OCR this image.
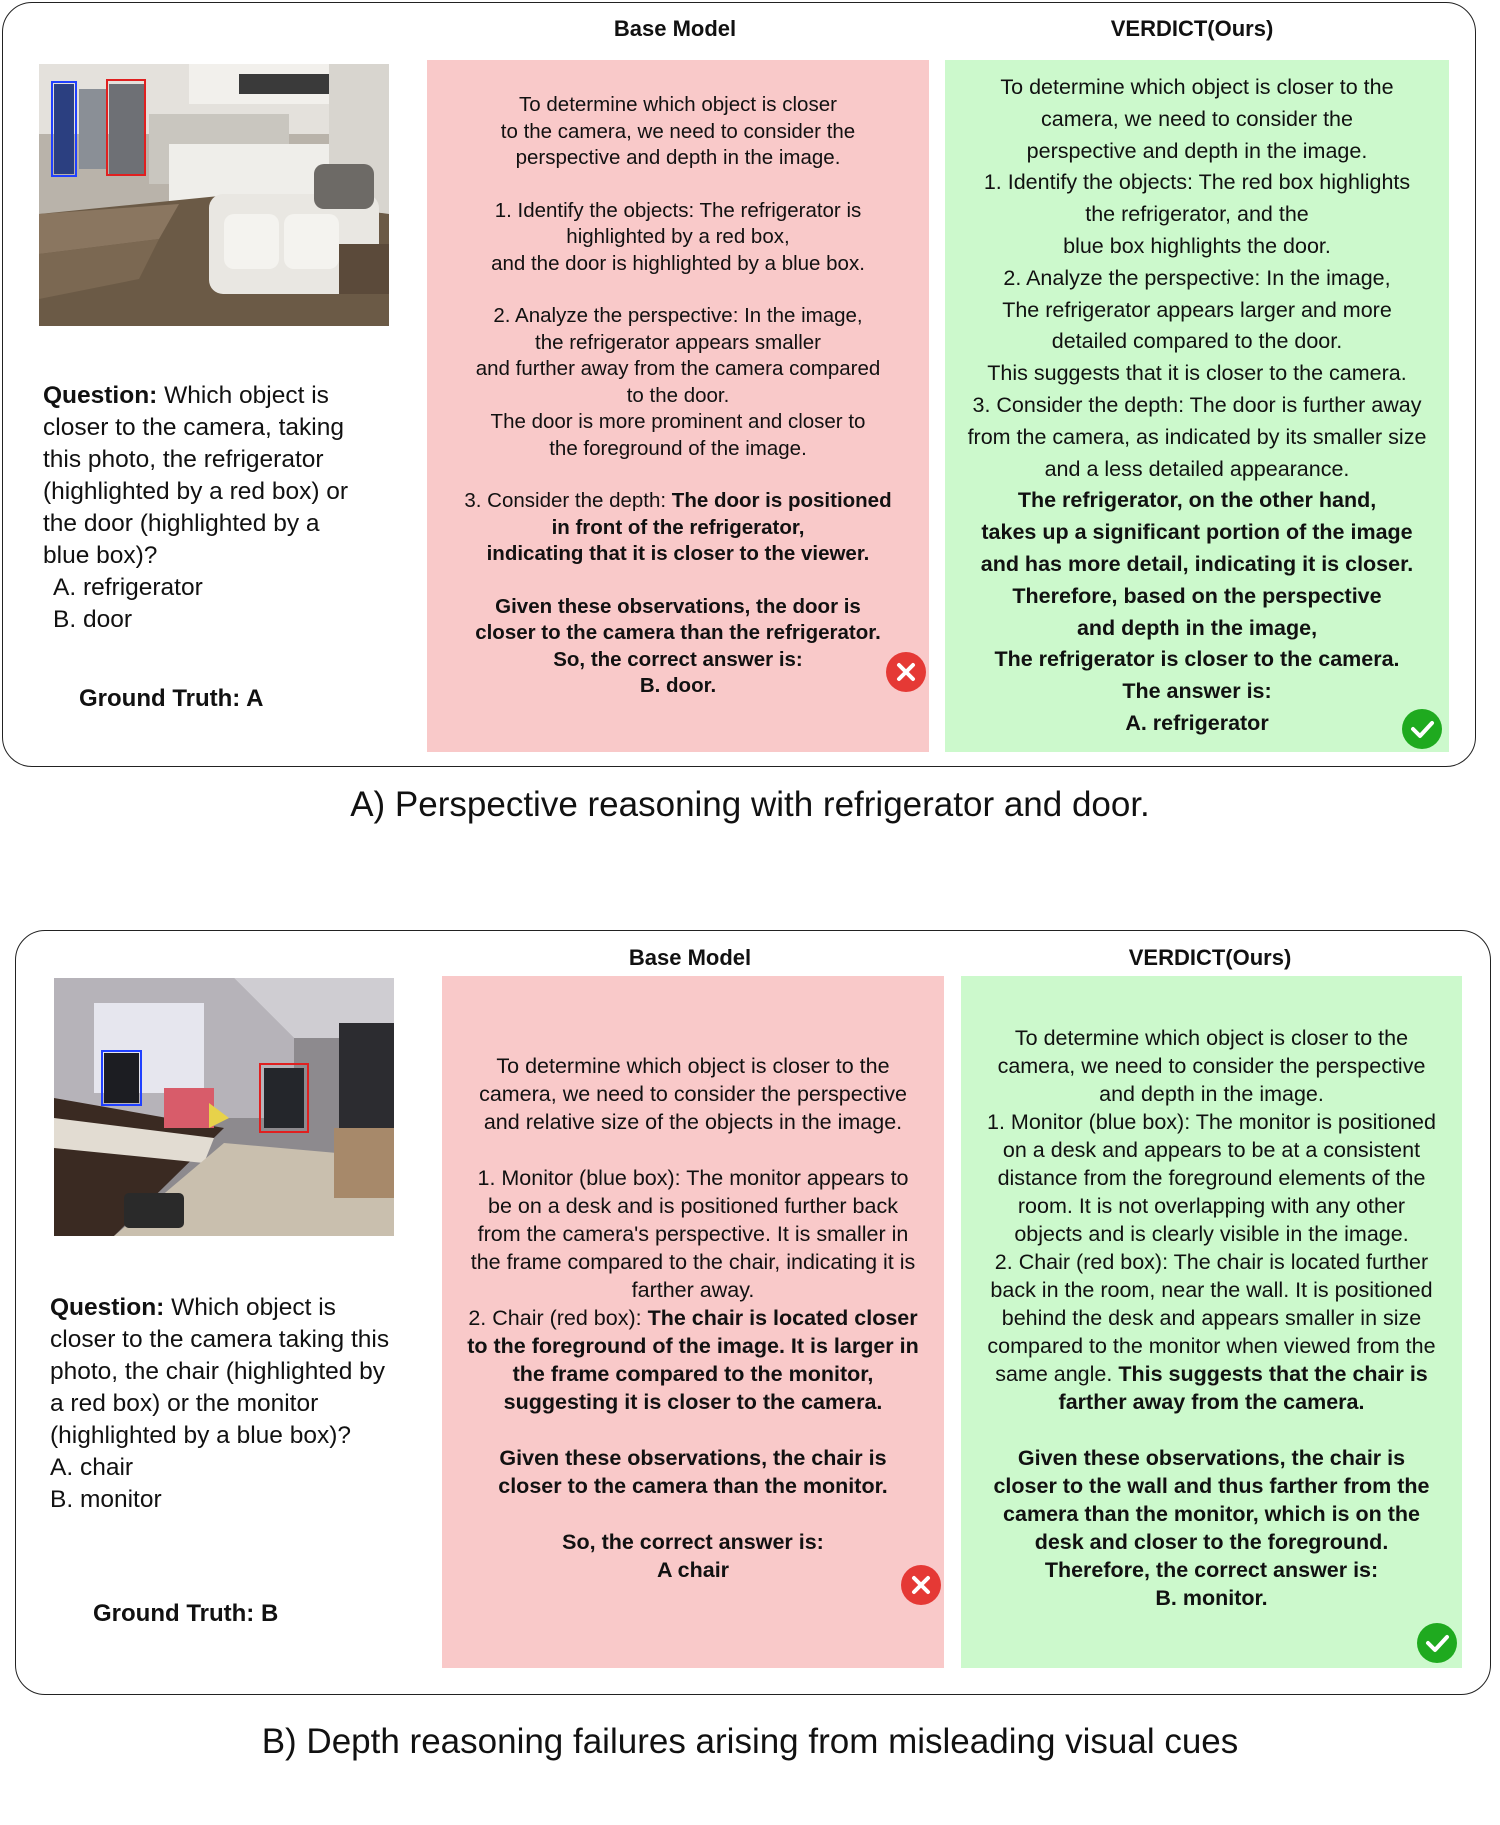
Base Model	VERDICT(Ours)
Question: Which object is
closer to the camera, taking
this photo, the refrigerator
(highlighted by a red box) or
the door (highlighted by a
blue box)?
A. refrigerator
B. door
Ground Truth: A

To determine which object is closer

to the camera, we need to consider the

perspective and depth in the image.

1. Identify the objects: The refrigerator is

highlighted by a red box,

and the door is highlighted by a blue box.

2. Analyze the perspective: In the image,

the refrigerator appears smaller

and further away from the camera compared

to the door.

The door is more prominent and closer to

the foreground of the image.

3. Consider the depth: The door is positioned

in front of the refrigerator,

indicating that it is closer to the viewer.

Given these observations, the door is

closer to the camera than the refrigerator.

So, the correct answer is:

B. door.

To determine which object is closer to the

camera, we need to consider the

perspective and depth in the image.

1. Identify the objects: The red box highlights

the refrigerator, and the

blue box highlights the door.

2. Analyze the perspective: In the image,

The refrigerator appears larger and more

detailed compared to the door.

This suggests that it is closer to the camera.

3. Consider the depth: The door is further away

from the camera, as indicated by its smaller size

and a less detailed appearance.

The refrigerator, on the other hand,

takes up a significant portion of the image

and has more detail, indicating it is closer.

Therefore, based on the perspective

and depth in the image,

The refrigerator is closer to the camera.

The answer is:

A. refrigerator

A) Perspective reasoning with refrigerator and door.
Base Model	VERDICT(Ours)
Question: Which object is
closer to the camera taking this
photo, the chair (highlighted by
a red box) or the monitor
(highlighted by a blue box)?
A. chair
B. monitor
Ground Truth: B

To determine which object is closer to the

camera, we need to consider the perspective

and relative size of the objects in the image.

1. Monitor (blue box): The monitor appears to

be on a desk and is positioned further back

from the camera's perspective. It is smaller in

the frame compared to the chair, indicating it is

farther away.

2. Chair (red box): The chair is located closer

to the foreground of the image. It is larger in

the frame compared to the monitor,

suggesting it is closer to the camera.

Given these observations, the chair is

closer to the camera than the monitor.

So, the correct answer is:

A chair

To determine which object is closer to the

camera, we need to consider the perspective

and depth in the image.

1. Monitor (blue box): The monitor is positioned

on a desk and appears to be at a consistent

distance from the foreground elements of the

room. It is not overlapping with any other

objects and is clearly visible in the image.

2. Chair (red box): The chair is located further

back in the room, near the wall. It is positioned

behind the desk and appears smaller in size

compared to the monitor when viewed from the

same angle. This suggests that the chair is

farther away from the camera.

Given these observations, the chair is

closer to the wall and thus farther from the

camera than the monitor, which is on the

desk and closer to the foreground.

Therefore, the correct answer is:

B. monitor.

B) Depth reasoning failures arising from misleading visual cues
